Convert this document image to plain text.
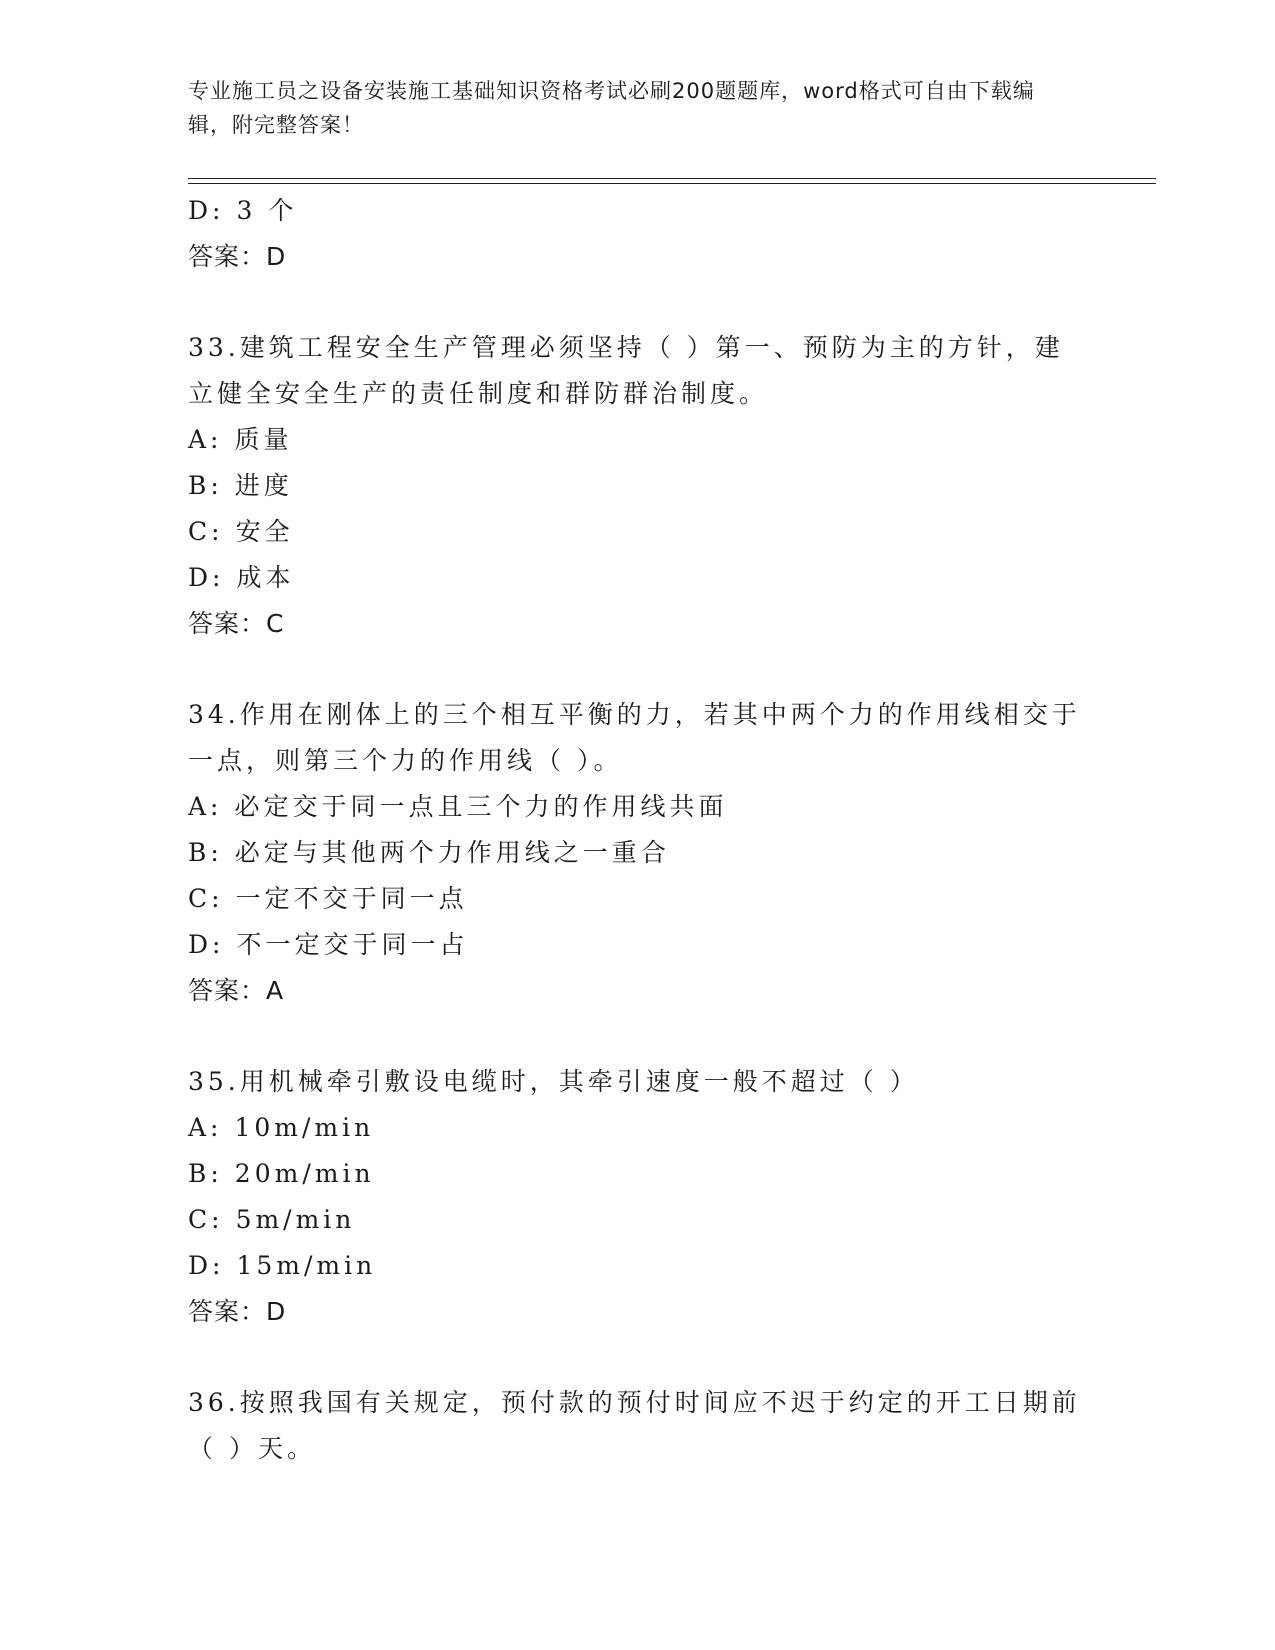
专业施工员之设备安装施工基础知识资格考试必刷200题题库，word格式可自由下载编辑，附完整答案！
D: 3 个
答案：D
33.建筑工程安全生产管理必须坚持（ ）第一、预防为主的方针，建立健全安全生产的责任制度和群防群治制度。
A: 质量
B: 进度
C: 安全
D: 成本
答案：C
34.作用在刚体上的三个相互平衡的力，若其中两个力的作用线相交于一点，则第三个力的作用线（ ）。
A: 必定交于同一点且三个力的作用线共面
B: 必定与其他两个力作用线之一重合
C: 一定不交于同一点
D: 不一定交于同一占
答案：A
35.用机械牵引敷设电缆时，其牵引速度一般不超过（ ）
A: 10m/min
B: 20m/min
C: 5m/min
D: 15m/min
答案：D
36.按照我国有关规定，预付款的预付时间应不迟于约定的开工日期前（ ）天。
